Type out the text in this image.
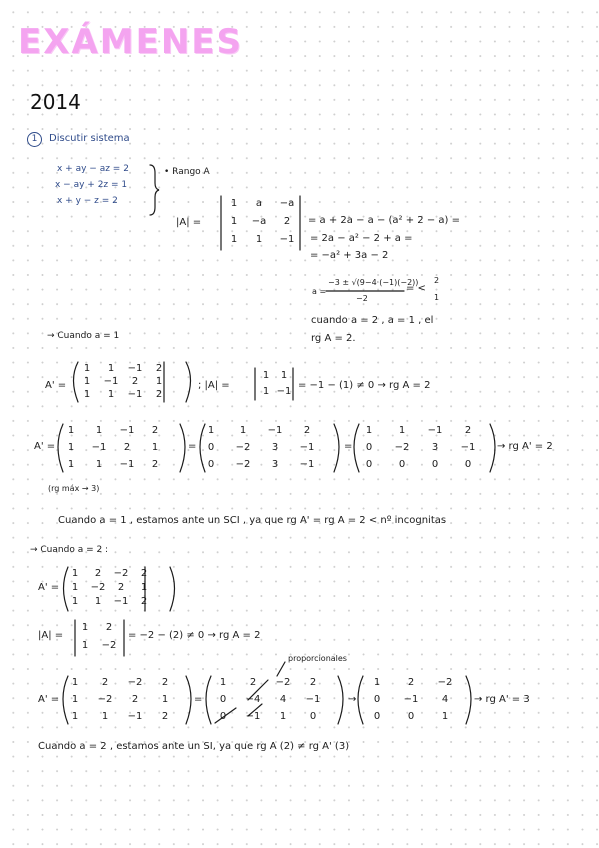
EXÁMENES
2014
1	Discutir sistema
x + ay − az = 2
x − ay + 2z = 1
x + y − z = 2
• Rango A
|A| =
1	a	−a
1	−a	2
1	1	−1
= a + 2a − a − (a² + 2 − a) =
= 2a − a² − 2 + a =
= −a² + 3a − 2
a =
−3 ± √(9−4·(−1)(−2))
−2
= <
2
1
cuando a = 2 , a = 1 , el
rg A = 2.
→ Cuando a = 1
A' =
1	1	−1	2
1	−1	2	1
1	1	−1	2
; |A| =
1	1
1 −1
= −1 − (1) ≠ 0 → rg A = 2
A' =
1	1	−1	2
1	−1	2	1
1	1	−1	2
=
1	1	−1	2
0	−2	3	−1
0	−2	3	−1
=
1	1	−1	2
0	−2	3	−1
0	0	0	0
→ rg A' = 2
(rg máx → 3)
Cuando a = 1 , estamos ante un SCI , ya que rg A' = rg A = 2 < nº incognitas
→ Cuando a = 2 :
A' =
1	2	−2	2
1	−2	2	1
1	1	−1	2
|A| =
1	2
1	−2
= −2 − (2) ≠ 0 → rg A = 2
proporcionales
A' =
1	2	−2	2
1	−2	2	1
1	1	−1	2
=
1	2	−2	2
0	−4	4	−1
0	−1	1	0
→
1	2	−2
0	−1	4
0	0	1
→ rg A' = 3
Cuando a = 2 , estamos ante un SI, ya que rg A (2) ≠ rg A' (3)
